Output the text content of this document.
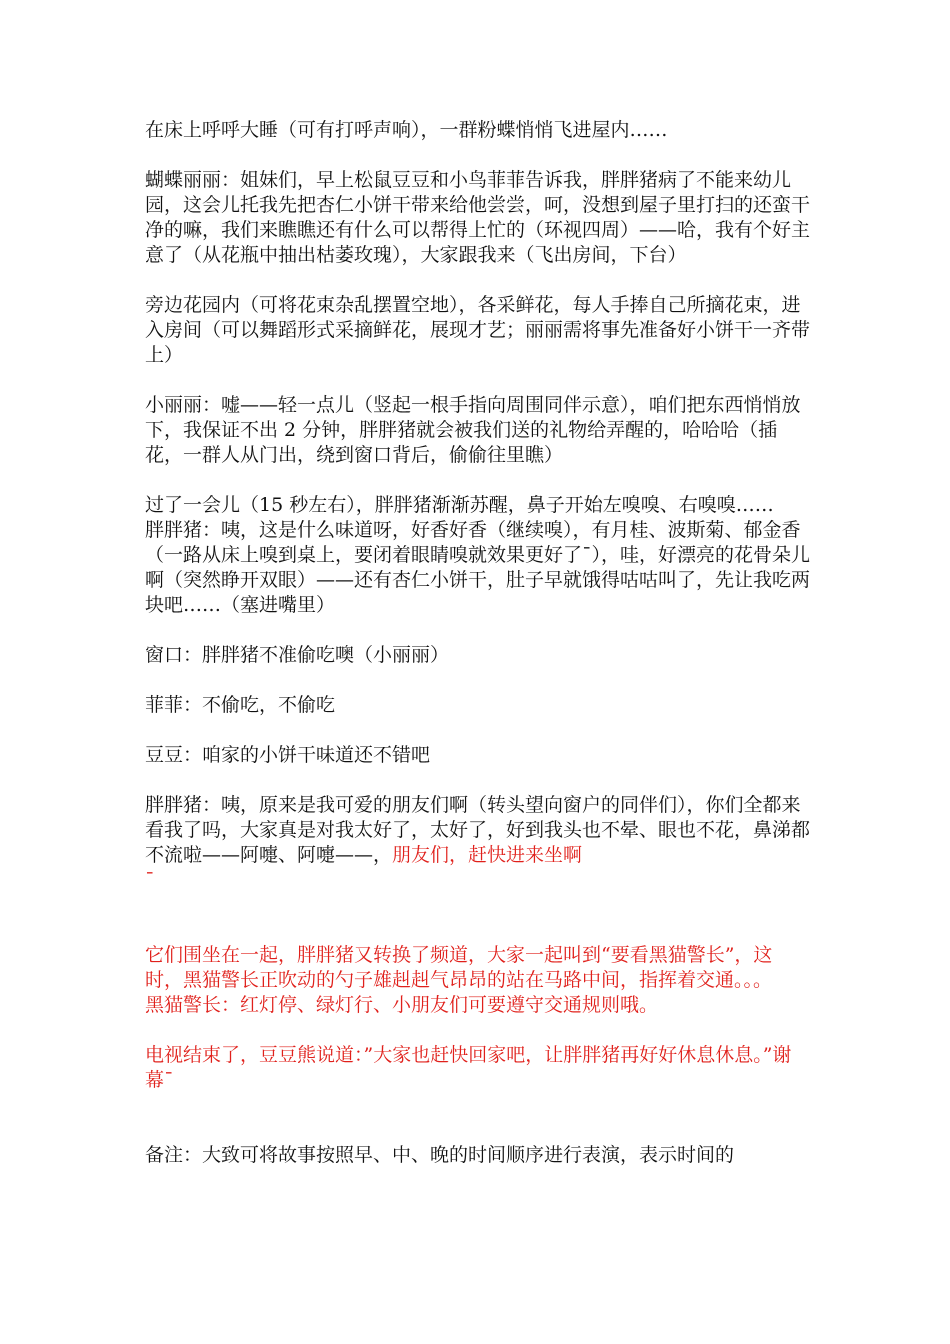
在床上呼呼大睡（可有打呼声响），一群粉蝶悄悄飞进屋内……

蝴蝶丽丽：姐妹们，早上松鼠豆豆和小鸟菲菲告诉我，胖胖猪病了不能来幼儿园，这会儿托我先把杏仁小饼干带来给他尝尝，呵，没想到屋子里打扫的还蛮干净的嘛，我们来瞧瞧还有什么可以帮得上忙的（环视四周）——哈，我有个好主意了（从花瓶中抽出枯萎玫瑰），大家跟我来（飞出房间，下台）

旁边花园内（可将花束杂乱摆置空地），各采鲜花，每人手捧自己所摘花束，进入房间（可以舞蹈形式采摘鲜花，展现才艺；丽丽需将事先准备好小饼干一齐带上）

小丽丽：嘘——轻一点儿（竖起一根手指向周围同伴示意），咱们把东西悄悄放下，我保证不出 2 分钟，胖胖猪就会被我们送的礼物给弄醒的，哈哈哈（插花，一群人从门出，绕到窗口背后，偷偷往里瞧）

过了一会儿（15 秒左右），胖胖猪渐渐苏醒，鼻子开始左嗅嗅、右嗅嗅……

胖胖猪：咦，这是什么味道呀，好香好香（继续嗅），有月桂、波斯菊、郁金香（一路从床上嗅到桌上，要闭着眼睛嗅就效果更好了¯），哇，好漂亮的花骨朵儿啊（突然睁开双眼）——还有杏仁小饼干，肚子早就饿得咕咕叫了，先让我吃两块吧……（塞进嘴里）

窗口：胖胖猪不准偷吃噢（小丽丽）

菲菲：不偷吃，不偷吃

豆豆：咱家的小饼干味道还不错吧

胖胖猪：咦，原来是我可爱的朋友们啊（转头望向窗户的同伴们），你们全都来看我了吗，大家真是对我太好了，太好了，好到我头也不晕、眼也不花，鼻涕都不流啦——阿嚏、阿嚏——，朋友们，赶快进来坐啊

¯

它们围坐在一起，胖胖猪又转换了频道，大家一起叫到“要看黑猫警长”，这时，黑猫警长正吹动的勺子雄赳赳气昂昂的站在马路中间，指挥着交通。。。

黑猫警长：红灯停、绿灯行、小朋友们可要遵守交通规则哦。

电视结束了，豆豆熊说道：”大家也赶快回家吧，让胖胖猪再好好休息休息。”谢幕¯

备注：大致可将故事按照早、中、晚的时间顺序进行表演，表示时间的
